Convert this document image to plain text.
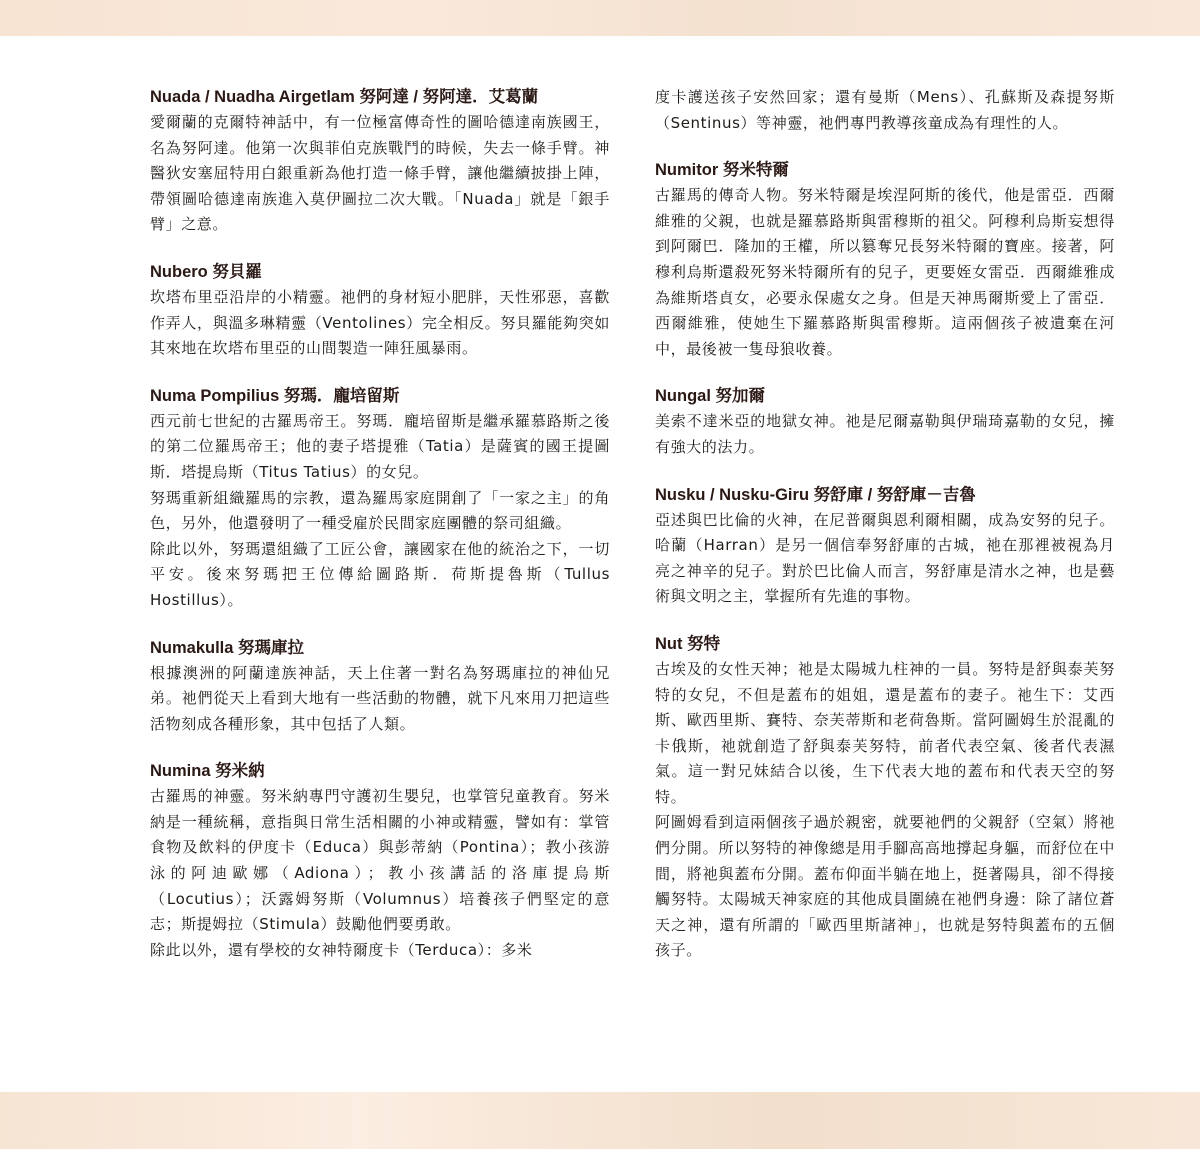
Nuada / Nuadha Airgetlam 努阿達 / 努阿達．艾葛蘭

愛爾蘭的克爾特神話中，有一位極富傳奇性的圖哈德達南族國王，名為努阿達。他第一次與菲伯克族戰鬥的時候，失去一條手臂。神醫狄安塞屈特用白銀重新為他打造一條手臂，讓他繼續披掛上陣，帶領圖哈德達南族進入莫伊圖拉二次大戰。「Nuada」就是「銀手臂」之意。

Nubero 努貝羅

坎塔布里亞沿岸的小精靈。祂們的身材短小肥胖，天性邪惡，喜歡作弄人，與溫多琳精靈（Ventolines）完全相反。努貝羅能夠突如其來地在坎塔布里亞的山間製造一陣狂風暴雨。

Numa Pompilius 努瑪．龐培留斯

西元前七世紀的古羅馬帝王。努瑪．龐培留斯是繼承羅慕路斯之後的第二位羅馬帝王；他的妻子塔提雅（Tatia）是薩賓的國王提圖斯．塔提烏斯（Titus Tatius）的女兒。

努瑪重新組織羅馬的宗教，還為羅馬家庭開創了「一家之主」的角色，另外，他還發明了一種受雇於民間家庭團體的祭司組織。

除此以外，努瑪還組織了工匠公會，讓國家在他的統治之下，一切平安。後來努瑪把王位傳給圖路斯．荷斯提魯斯（Tullus Hostillus）。

Numakulla 努瑪庫拉

根據澳洲的阿蘭達族神話，天上住著一對名為努瑪庫拉的神仙兄弟。祂們從天上看到大地有一些活動的物體，就下凡來用刀把這些活物刻成各種形象，其中包括了人類。

Numina 努米納

古羅馬的神靈。努米納專門守護初生嬰兒，也掌管兒童教育。努米納是一種統稱，意指與日常生活相關的小神或精靈，譬如有：掌管食物及飲料的伊度卡（Educa）與彭蒂納（Pontina）；教小孩游泳的阿迪歐娜（Adiona）；教小孩講話的洛庫提烏斯（Locutius）；沃露姆努斯（Volumnus）培養孩子們堅定的意志；斯提姆拉（Stimula）鼓勵他們要勇敢。

除此以外，還有學校的女神特爾度卡（Terduca）：多米

度卡護送孩子安然回家；還有曼斯（Mens）、孔蘇斯及森提努斯（Sentinus）等神靈，祂們專門教導孩童成為有理性的人。

Numitor 努米特爾

古羅馬的傳奇人物。努米特爾是埃涅阿斯的後代，他是雷亞．西爾維雅的父親，也就是羅慕路斯與雷穆斯的祖父。阿穆利烏斯妄想得到阿爾巴．隆加的王權，所以篡奪兄長努米特爾的寶座。接著，阿穆利烏斯還殺死努米特爾所有的兒子，更要姪女雷亞．西爾維雅成為維斯塔貞女，必要永保處女之身。但是天神馬爾斯愛上了雷亞．西爾維雅，使她生下羅慕路斯與雷穆斯。這兩個孩子被遺棄在河中，最後被一隻母狼收養。

Nungal 努加爾

美索不達米亞的地獄女神。祂是尼爾嘉勒與伊瑞琦嘉勒的女兒，擁有強大的法力。

Nusku / Nusku-Giru 努舒庫 / 努舒庫－吉魯

亞述與巴比倫的火神，在尼普爾與恩利爾相關，成為安努的兒子。哈蘭（Harran）是另一個信奉努舒庫的古城，祂在那裡被視為月亮之神辛的兒子。對於巴比倫人而言，努舒庫是清水之神，也是藝術與文明之主，掌握所有先進的事物。

Nut 努特

古埃及的女性天神；祂是太陽城九柱神的一員。努特是舒與泰芙努特的女兒，不但是蓋布的姐姐，還是蓋布的妻子。祂生下：艾西斯、歐西里斯、賽特、奈芙蒂斯和老荷魯斯。當阿圖姆生於混亂的卡俄斯，祂就創造了舒與泰芙努特，前者代表空氣、後者代表濕氣。這一對兄妹結合以後，生下代表大地的蓋布和代表天空的努特。

阿圖姆看到這兩個孩子過於親密，就要祂們的父親舒（空氣）將祂們分開。所以努特的神像總是用手腳高高地撐起身軀，而舒位在中間，將祂與蓋布分開。蓋布仰面半躺在地上，挺著陽具，卻不得接觸努特。太陽城天神家庭的其他成員圍繞在祂們身邊：除了諸位蒼天之神，還有所謂的「歐西里斯諸神」，也就是努特與蓋布的五個孩子。
